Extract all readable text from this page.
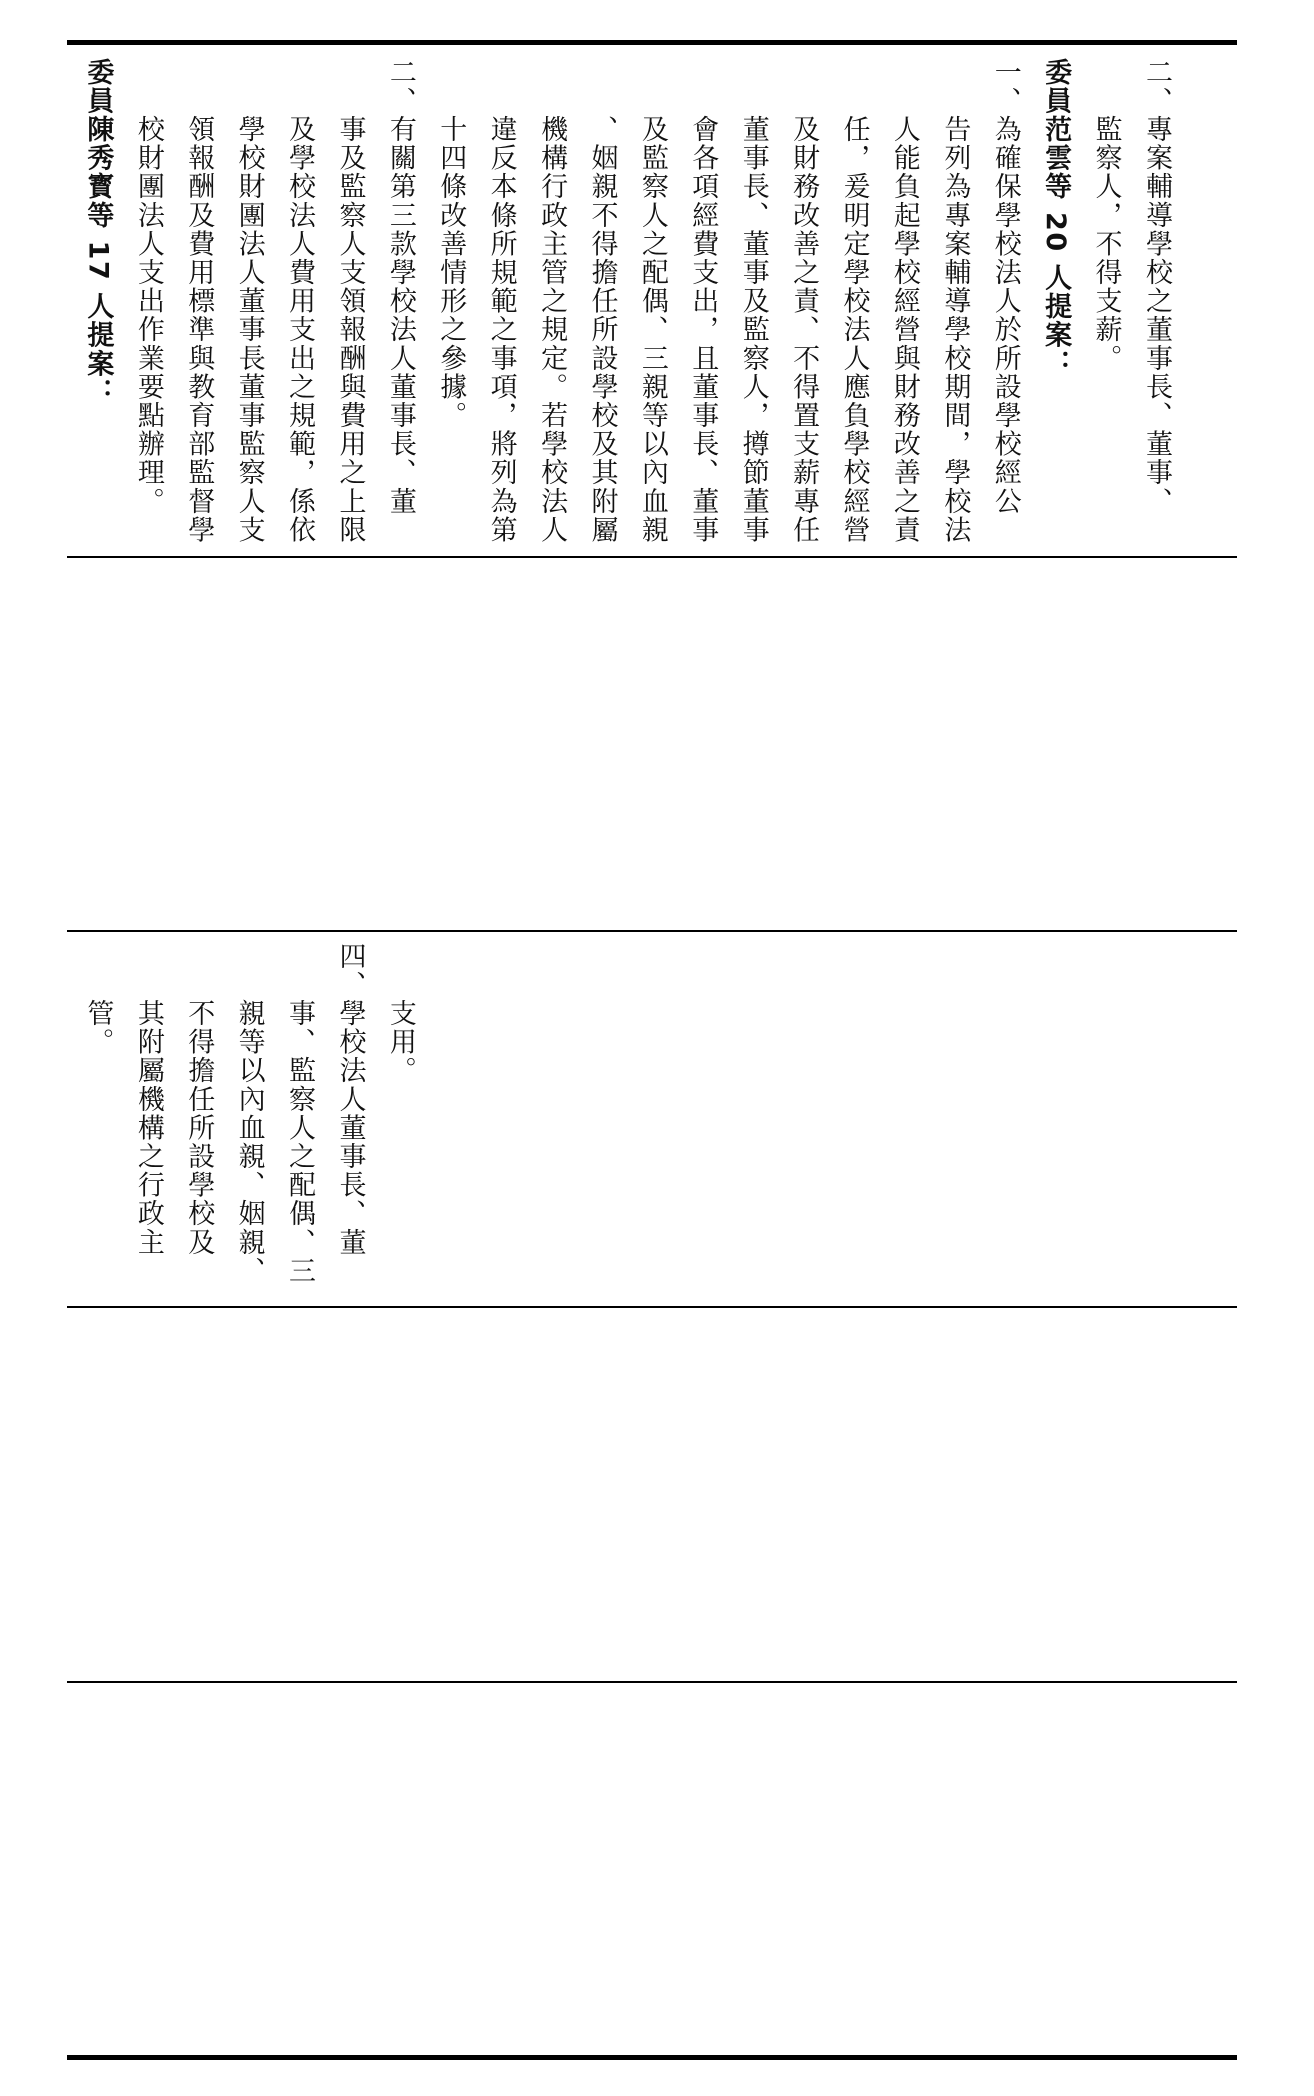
二、專案輔導學校之董事長、董事、
　　監察人，不得支薪。
委員范雲等 20 人提案：
一、為確保學校法人於所設學校經公
　　告列為專案輔導學校期間，學校法
　　人能負起學校經營與財務改善之責
　　任，爰明定學校法人應負學校經營
　　及財務改善之責、不得置支薪專任
　　董事長、董事及監察人，撙節董事
　　會各項經費支出，且董事長、董事
　　及監察人之配偶、三親等以內血親
　　、姻親不得擔任所設學校及其附屬
　　機構行政主管之規定。若學校法人
　　違反本條所規範之事項，將列為第
　　十四條改善情形之參據。
二、有關第三款學校法人董事長、董
　　事及監察人支領報酬與費用之上限
　　及學校法人費用支出之規範，係依
　　學校財團法人董事長董事監察人支
　　領報酬及費用標準與教育部監督學
　　校財團法人支出作業要點辦理。
委員陳秀寳等 17 人提案：
　　支用。
四、學校法人董事長、董
　　事、監察人之配偶、三
　　親等以內血親、姻親、
　　不得擔任所設學校及
　　其附屬機構之行政主
　　管。
